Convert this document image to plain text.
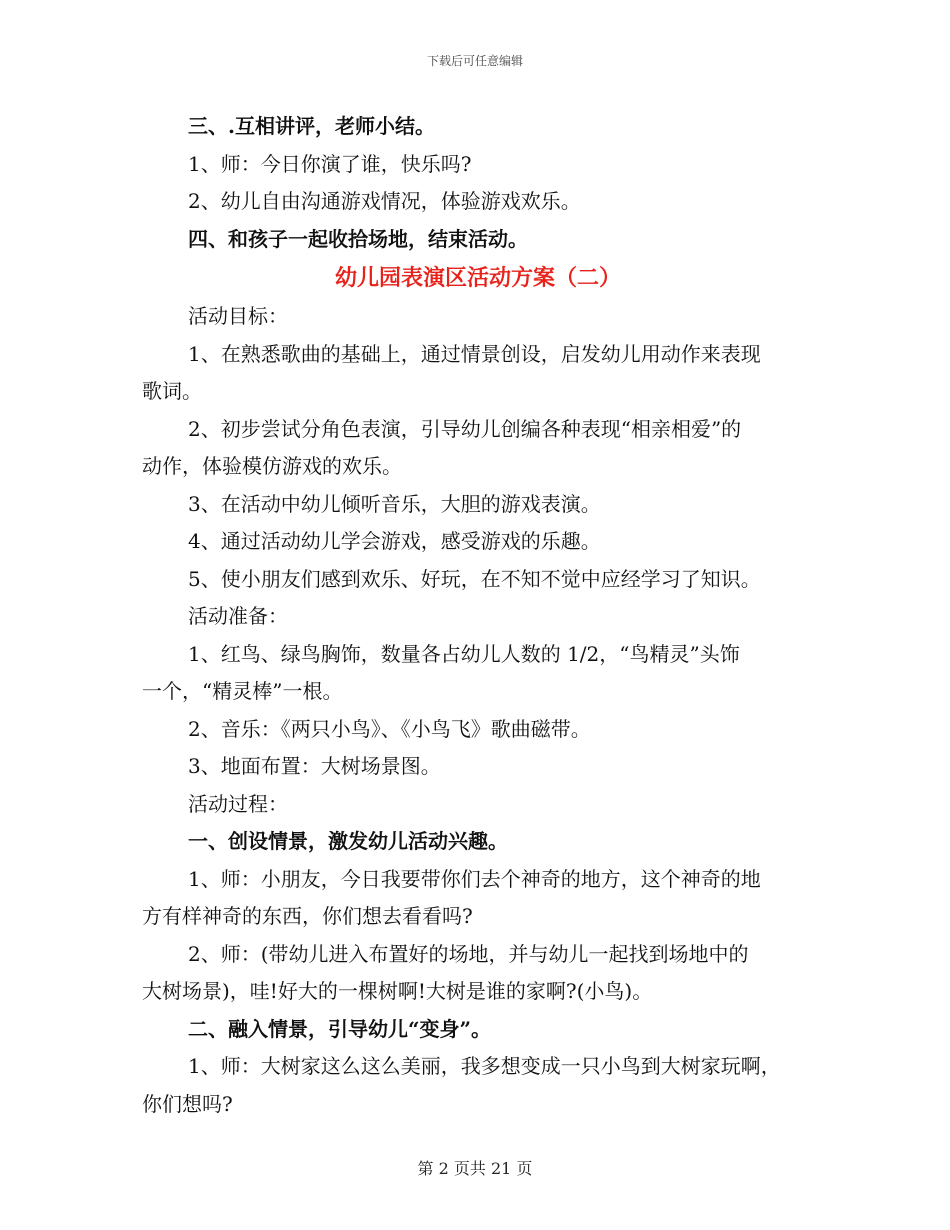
下载后可任意编辑

三、.互相讲评，老师小结。

1、师：今日你演了谁，快乐吗?

2、幼儿自由沟通游戏情况，体验游戏欢乐。

四、和孩子一起收拾场地，结束活动。

幼儿园表演区活动方案（二）

活动目标：

1、在熟悉歌曲的基础上，通过情景创设，启发幼儿用动作来表现

歌词。

2、初步尝试分角色表演，引导幼儿创编各种表现“相亲相爱”的

动作，体验模仿游戏的欢乐。

3、在活动中幼儿倾听音乐，大胆的游戏表演。

4、通过活动幼儿学会游戏，感受游戏的乐趣。

5、使小朋友们感到欢乐、好玩，在不知不觉中应经学习了知识。

活动准备：

1、红鸟、绿鸟胸饰，数量各占幼儿人数的 1/2，“鸟精灵”头饰

一个，“精灵棒”一根。

2、音乐：《两只小鸟》、《小鸟飞》歌曲磁带。

3、地面布置：大树场景图。

活动过程：

一、创设情景，激发幼儿活动兴趣。

1、师：小朋友，今日我要带你们去个神奇的地方，这个神奇的地

方有样神奇的东西，你们想去看看吗?

2、师：(带幼儿进入布置好的场地，并与幼儿一起找到场地中的

大树场景)，哇!好大的一棵树啊!大树是谁的家啊?(小鸟)。

二、融入情景，引导幼儿“变身”。

1、师：大树家这么这么美丽，我多想变成一只小鸟到大树家玩啊，

你们想吗?

第 2 页共 21 页
